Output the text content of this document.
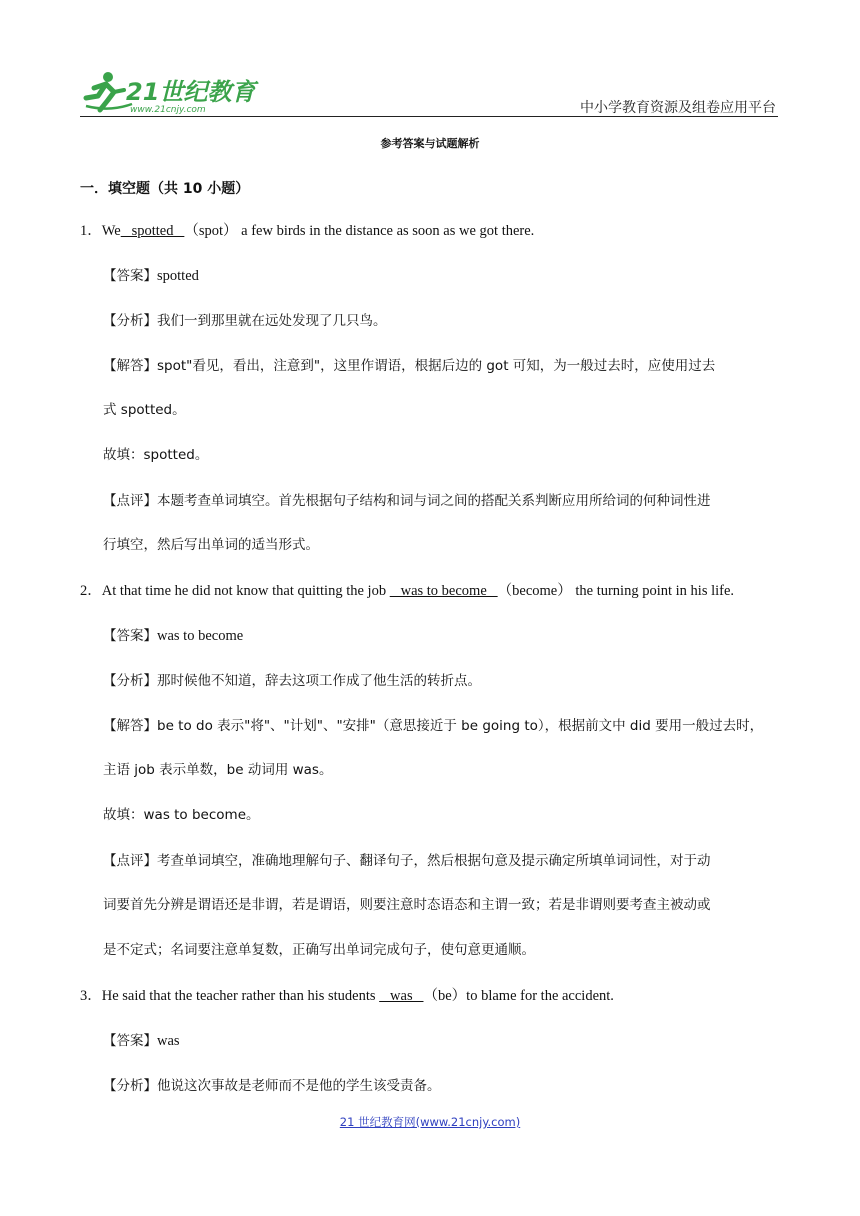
21世纪教育
www.21cnjy.com	中小学教育资源及组卷应用平台
参考答案与试题解析
一．填空题（共 10 小题）
1．We   spotted   （spot） a few birds in the distance as soon as we got there.
【答案】spotted
【分析】我们一到那里就在远处发现了几只鸟。
【解答】spot"看见，看出，注意到"，这里作谓语，根据后边的 got 可知，为一般过去时，应使用过去
式 spotted。
故填：spotted。
【点评】本题考查单词填空。首先根据句子结构和词与词之间的搭配关系判断应用所给词的何种词性进
行填空，然后写出单词的适当形式。
2．At that time he did not know that quitting the job    was to become   （become） the turning point in his life.
【答案】was to become
【分析】那时候他不知道，辞去这项工作成了他生活的转折点。
【解答】be to do 表示"将"、"计划"、"安排"（意思接近于 be going to），根据前文中 did 要用一般过去时，
主语 job 表示单数，be 动词用 was。
故填：was to become。
【点评】考查单词填空，准确地理解句子、翻译句子，然后根据句意及提示确定所填单词词性，对于动
词要首先分辨是谓语还是非谓，若是谓语，则要注意时态语态和主谓一致；若是非谓则要考查主被动或
是不定式；名词要注意单复数，正确写出单词完成句子，使句意更通顺。
3．He said that the teacher rather than his students    was   （be）to blame for the accident.
【答案】was
【分析】他说这次事故是老师而不是他的学生该受责备。
21 世纪教育网(www.21cnjy.com)
